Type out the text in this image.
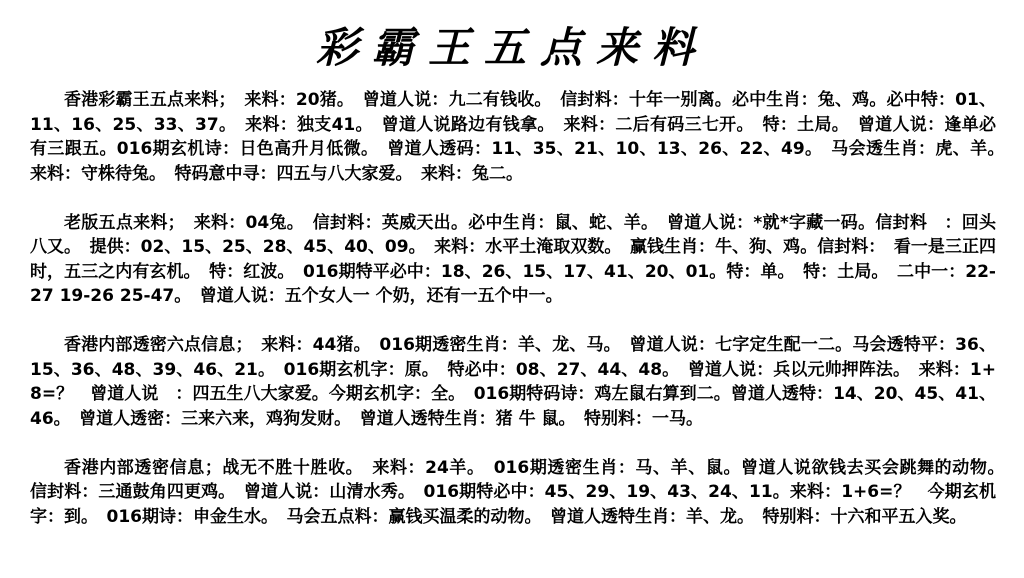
彩霸王五点来料

香港彩霸王五点来料；　来料：20猪。　曾道人说：九二有钱收。　信封料：十年一别离。必中生肖：兔、鸡。必中特：01、11、16、25、33、37。　来料：独支41。　曾道人说路边有钱拿。　来料：二后有码三七开。　特：土局。　曾道人说：逢单必有三跟五。016期玄机诗：日色高升月低微。　曾道人透码：11、35、21、10、13、26、22、49。　马会透生肖：虎、羊。　来料：守株待兔。　特码意中寻：四五与八大家爱。　来料：兔二。

老版五点来料；　来料：04兔。　信封料：英威天出。必中生肖：鼠、蛇、羊。　曾道人说：*就*字藏一码。信封料　：回头八又。　提供：02、15、25、28、45、40、09。　来料：水平土淹取双数。　赢钱生肖：牛、狗、鸡。信封料：　看一是三正四时，五三之内有玄机。　特：红波。　016期特平必中：18、26、15、17、41、20、01。特：单。　特：土局。　二中一：22-27 19-26 25-47。　曾道人说：五个女人一 个奶，还有一五个中一。

香港内部透密六点信息；　来料：44猪。　016期透密生肖：羊、龙、马。　曾道人说：七字定生配一二。马会透特平：36、15、36、48、39、46、21。　016期玄机字：原。　特必中：08、27、44、48。　曾道人说：兵以元帅押阵法。　来料：1+8=？　曾道人说　：四五生八大家爱。今期玄机字：全。　016期特码诗：鸡左鼠右算到二。曾道人透特：14、20、45、41、46。　曾道人透密：三来六来，鸡狗发财。　曾道人透特生肖：猪 牛 鼠。　特别料：一马。

香港内部透密信息；战无不胜十胜收。　来料：24羊。　016期透密生肖：马、羊、鼠。曾道人说欲钱去买会跳舞的动物。　信封料：三通鼓角四更鸡。　曾道人说：山清水秀。　016期特必中：45、29、19、43、24、11。来料：1+6=？　今期玄机字：到。　016期诗：申金生水。　马会五点料：赢钱买温柔的动物。　曾道人透特生肖：羊、龙。　特别料：十六和平五入奖。
